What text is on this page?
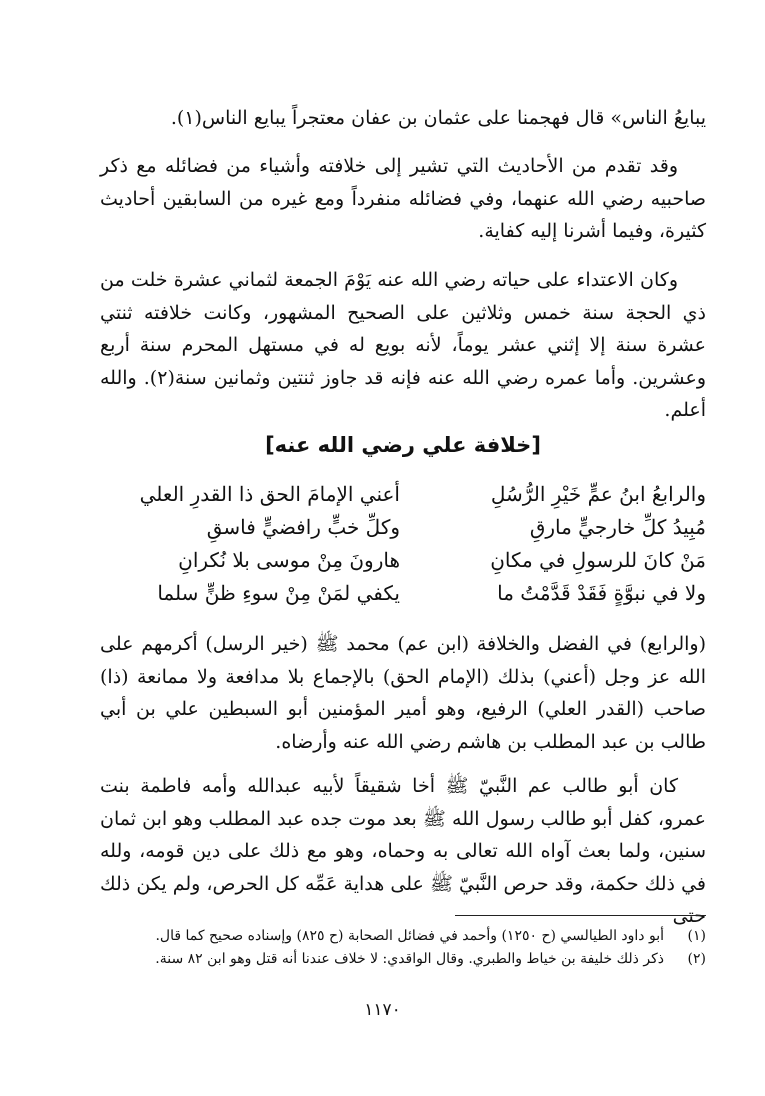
يبايعُ الناس» قال فهجمنا على عثمان بن عفان معتجراً يبايع الناس(١).

وقد تقدم من الأحاديث التي تشير إلى خلافته وأشياء من فضائله مع ذكر صاحبيه رضي الله عنهما، وفي فضائله منفرداً ومع غيره من السابقين أحاديث كثيرة، وفيما أشرنا إليه كفاية.

وكان الاعتداء على حياته رضي الله عنه يَوْمَ الجمعة لثماني عشرة خلت من ذي الحجة سنة خمس وثلاثين على الصحيح المشهور، وكانت خلافته ثنتي عشرة سنة إلا إثني عشر يوماً، لأنه بويع له في مستهل المحرم سنة أربع وعشرين. وأما عمره رضي الله عنه فإنه قد جاوز ثنتين وثمانين سنة(٢). والله أعلم.

[خلافة علي رضي الله عنه]
والرابعُ ابنُ عمٍّ خَيْرِ الرُّسُلِ
أعني الإمامَ الحق ذا القدرِ العلي
مُبِيدُ كلِّ خارجيٍّ مارقِ
وكلِّ خبٍّ رافضيٍّ فاسقِ
مَنْ كانَ للرسولِ في مكانِ
هارونَ مِنْ موسى بلا نُكرانِ
ولا في نبوَّةٍ فَقَدْ قَدَّمْتُ ما
يكفي لمَنْ مِنْ سوءِ ظنٍّ سلما

(والرابع) في الفضل والخلافة (ابن عم) محمد ﷺ (خير الرسل) أكرمهم على الله عز وجل (أعني) بذلك (الإمام الحق) بالإجماع بلا مدافعة ولا ممانعة (ذا) صاحب (القدر العلي) الرفيع، وهو أمير المؤمنين أبو السبطين علي بن أبي طالب بن عبد المطلب بن هاشم رضي الله عنه وأرضاه.

كان أبو طالب عم النَّبيّ ﷺ أخا شقيقاً لأبيه عبدالله وأمه فاطمة بنت عمرو، كفل أبو طالب رسول الله ﷺ بعد موت جده عبد المطلب وهو ابن ثمان سنين، ولما بعث آواه الله تعالى به وحماه، وهو مع ذلك على دين قومه، ولله في ذلك حكمة، وقد حرص النَّبيّ ﷺ على هداية عَمِّه كل الحرص، ولم يكن ذلك حتى

(١)
أبو داود الطيالسي (ح ١٢٥٠) وأحمد في فضائل الصحابة (ح ٨٢٥) وإسناده صحيح كما قال.
(٢)
ذكر ذلك خليفة بن خياط والطبري. وقال الواقدي: لا خلاف عندنا أنه قتل وهو ابن ٨٢ سنة.
١١٧٠
